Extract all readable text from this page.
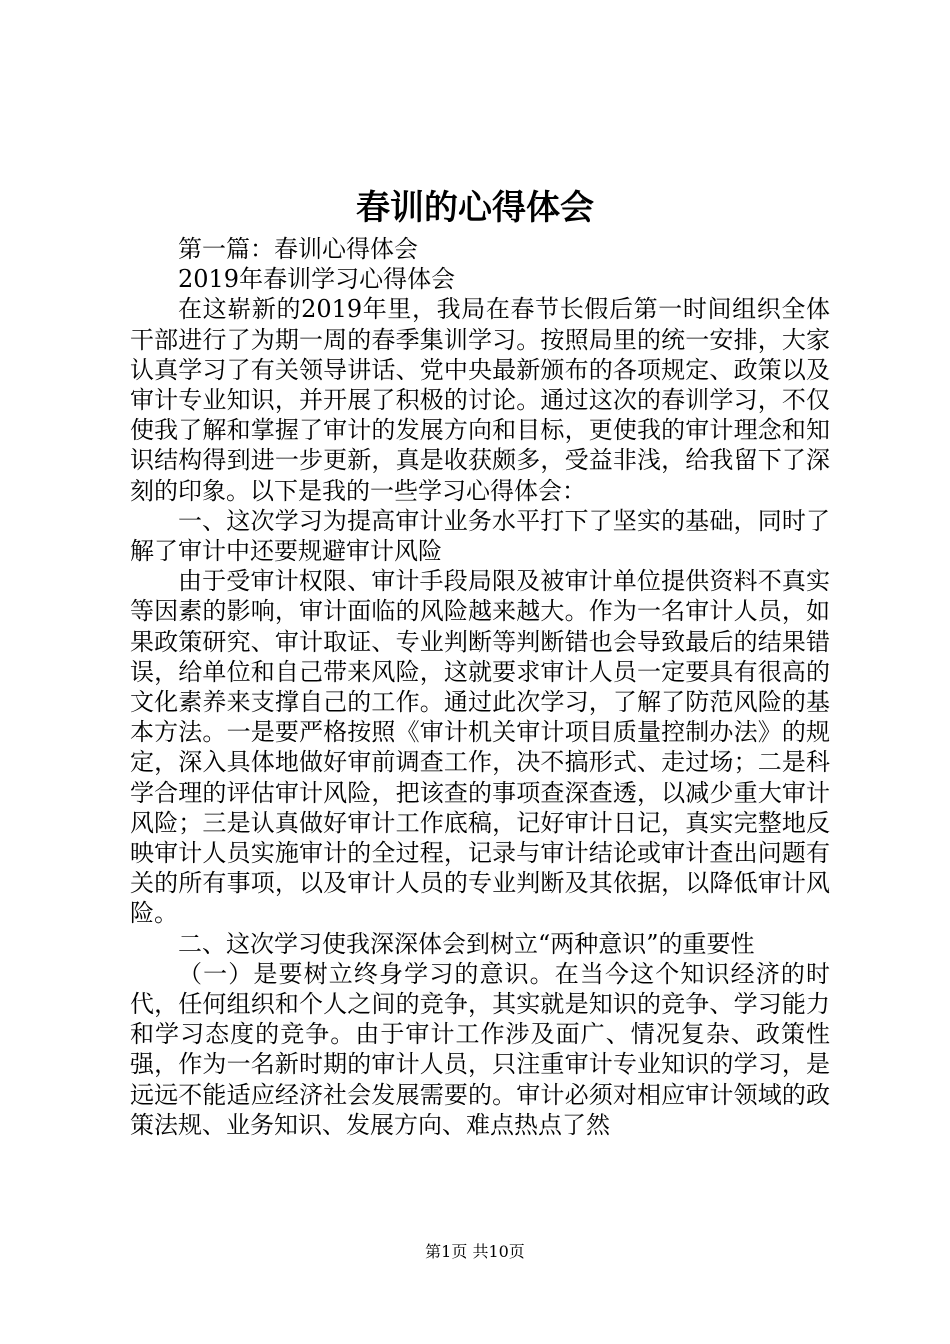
春训的心得体会

第一篇：春训心得体会

2019年春训学习心得体会

在这崭新的2019年里，我局在春节长假后第一时间组织全体干部进行了为期一周的春季集训学习。按照局里的统一安排，大家认真学习了有关领导讲话、党中央最新颁布的各项规定、政策以及审计专业知识，并开展了积极的讨论。通过这次的春训学习，不仅使我了解和掌握了审计的发展方向和目标，更使我的审计理念和知识结构得到进一步更新，真是收获颇多，受益非浅，给我留下了深刻的印象。以下是我的一些学习心得体会：

一、这次学习为提高审计业务水平打下了坚实的基础，同时了解了审计中还要规避审计风险

由于受审计权限、审计手段局限及被审计单位提供资料不真实等因素的影响，审计面临的风险越来越大。作为一名审计人员，如果政策研究、审计取证、专业判断等判断错也会导致最后的结果错误，给单位和自己带来风险，这就要求审计人员一定要具有很高的文化素养来支撑自己的工作。通过此次学习，了解了防范风险的基本方法。一是要严格按照《审计机关审计项目质量控制办法》的规定，深入具体地做好审前调查工作，决不搞形式、走过场；二是科学合理的评估审计风险，把该查的事项查深查透，以减少重大审计风险；三是认真做好审计工作底稿，记好审计日记，真实完整地反映审计人员实施审计的全过程，记录与审计结论或审计查出问题有关的所有事项，以及审计人员的专业判断及其依据，以降低审计风险。

二、这次学习使我深深体会到树立“两种意识”的重要性

（一）是要树立终身学习的意识。在当今这个知识经济的时代，任何组织和个人之间的竞争，其实就是知识的竞争、学习能力和学习态度的竞争。由于审计工作涉及面广、情况复杂、政策性强，作为一名新时期的审计人员，只注重审计专业知识的学习，是远远不能适应经济社会发展需要的。审计必须对相应审计领域的政策法规、业务知识、发展方向、难点热点了然

第1页 共10页
